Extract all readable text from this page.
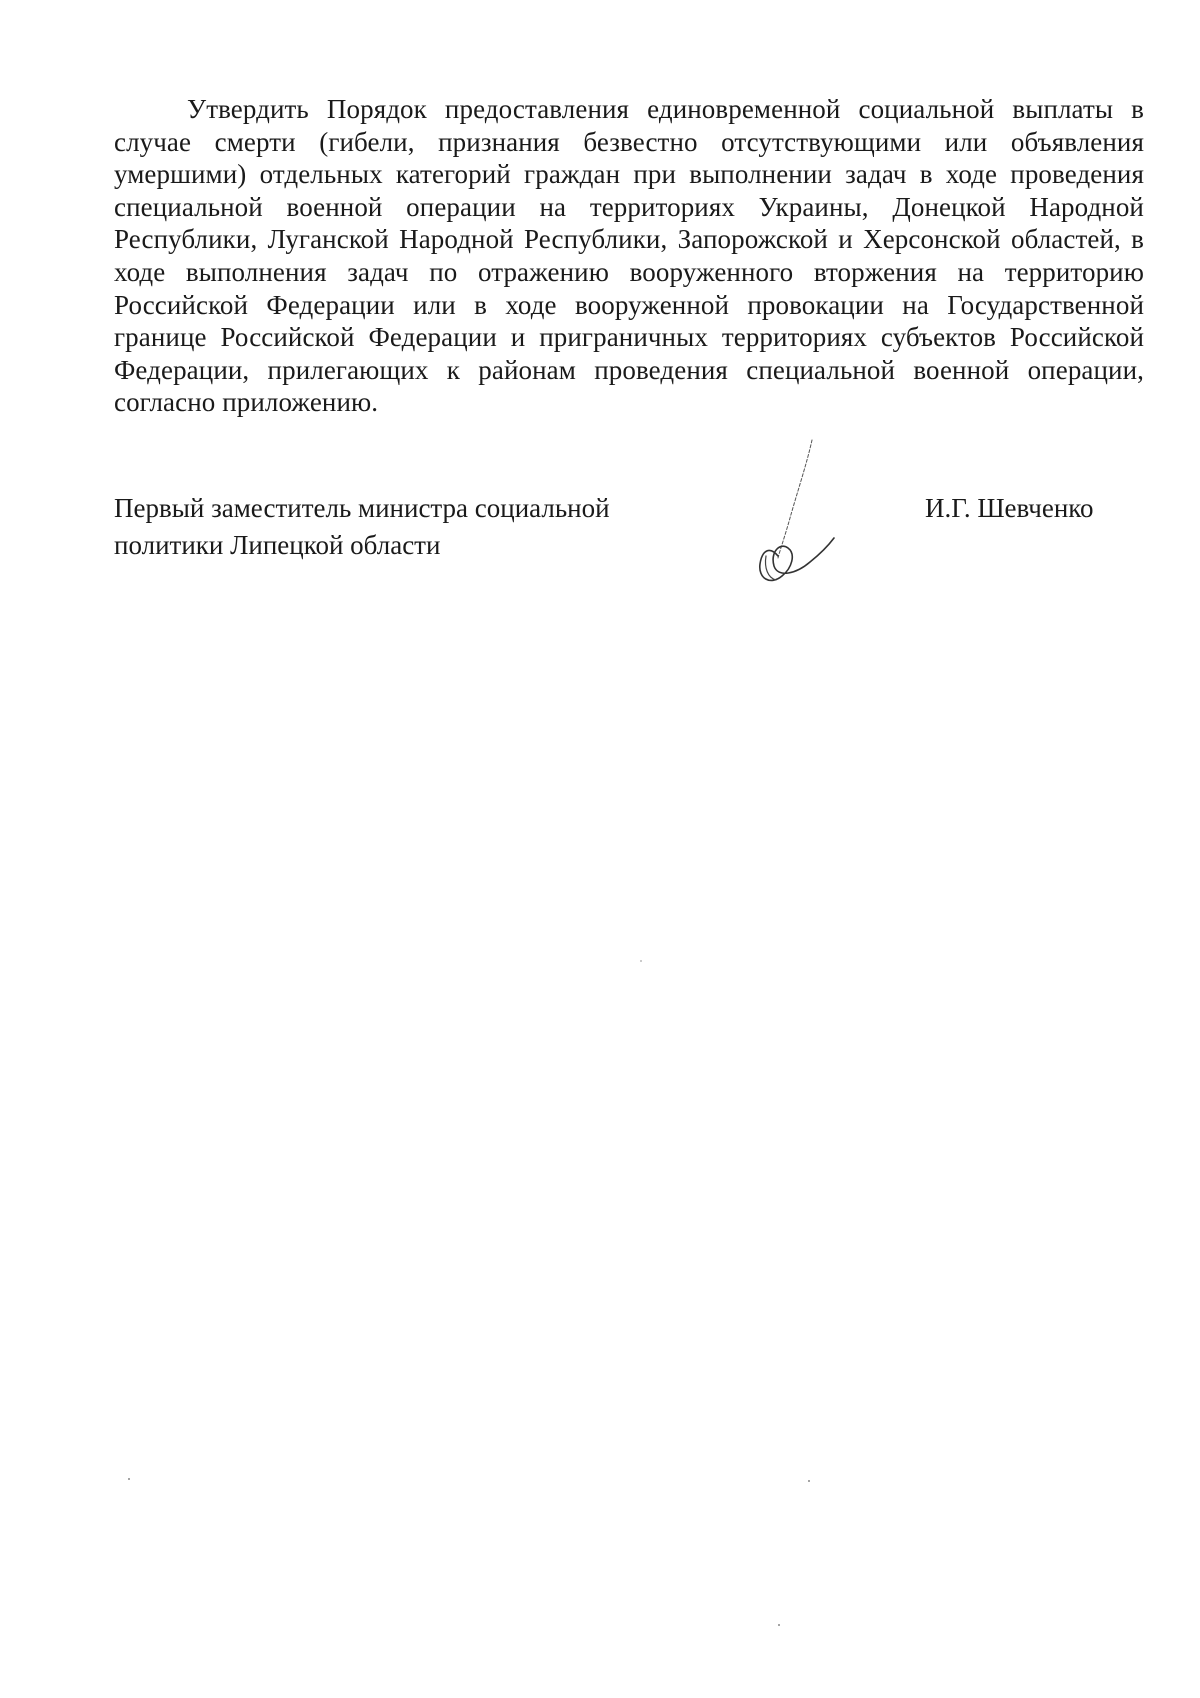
Утвердить Порядок предоставления единовременной социальной выплаты в случае смерти (гибели, признания безвестно отсутствующими или объявления умершими) отдельных категорий граждан при выполнении задач в ходе проведения специальной военной операции на территориях Украины, Донецкой Народной Республики, Луганской Народной Республики, Запорожской и Херсонской областей, в ходе выполнения задач по отражению вооруженного вторжения на территорию Российской Федерации или в ходе вооруженной провокации на Государственной границе Российской Федерации и приграничных территориях субъектов Российской Федерации, прилегающих к районам проведения специальной военной операции, согласно приложению.

Первый заместитель министра социальной
политики Липецкой области
И.Г. Шевченко
